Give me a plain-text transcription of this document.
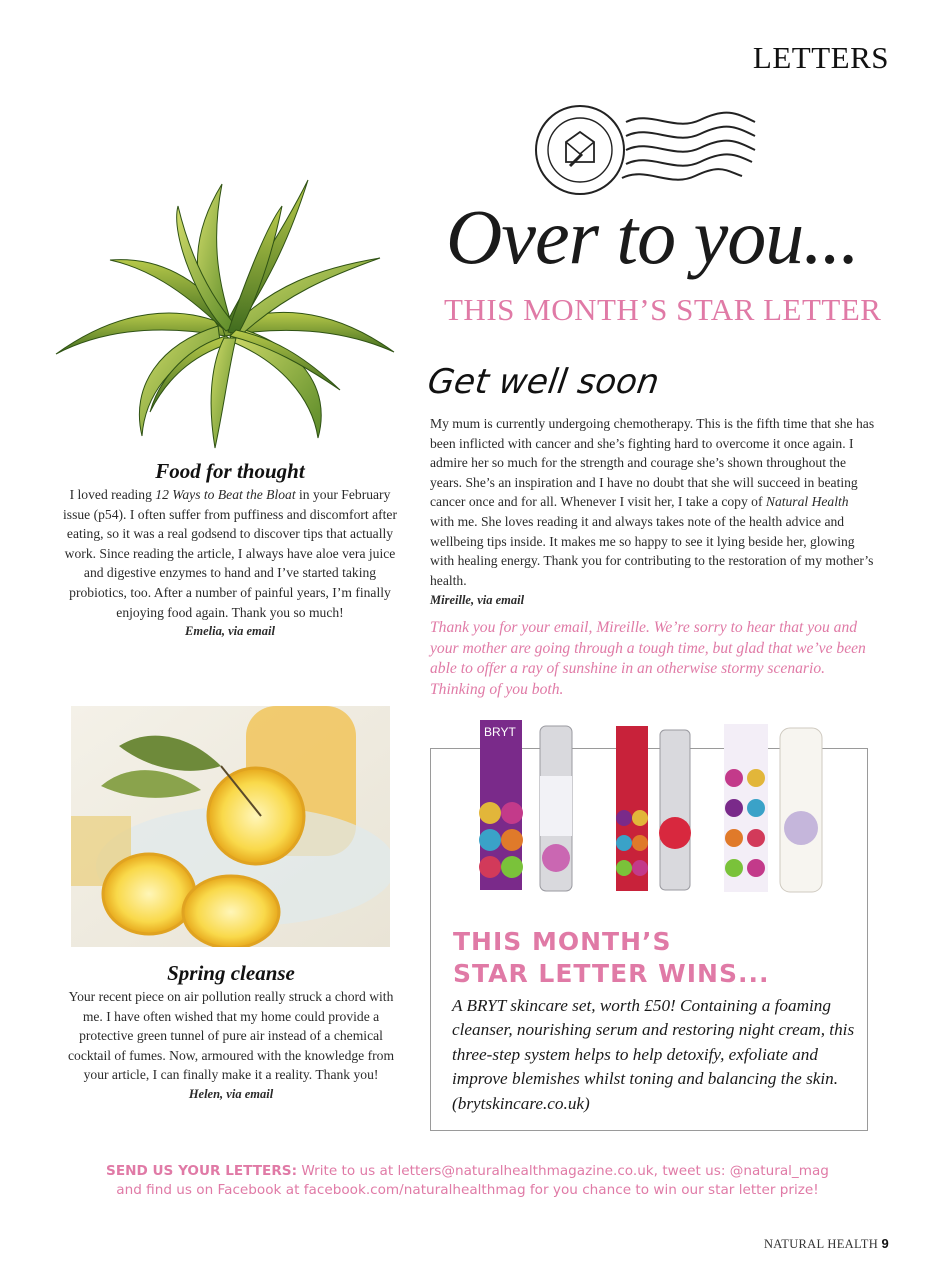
LETTERS
Over to you...
THIS MONTH’S STAR LETTER
Food for thought

I loved reading 12 Ways to Beat the Bloat in your February issue (p54). I often suffer from puffiness and discomfort after eating, so it was a real godsend to discover tips that actually work. Since reading the article, I always have aloe vera juice and digestive enzymes to hand and I’ve started taking probiotics, too. After a number of painful years, I’m finally enjoying food again. Thank you so much!

Emelia, via email

Spring cleanse

Your recent piece on air pollution really struck a chord with me. I have often wished that my home could provide a protective green tunnel of pure air instead of a chemical cocktail of fumes. Now, armoured with the knowledge from your article, I can finally make it a reality. Thank you!

Helen, via email

Get well soon

My mum is currently undergoing chemotherapy. This is the fifth time that she has been inflicted with cancer and she’s fighting hard to overcome it once again. I admire her so much for the strength and courage she’s shown throughout the years. She’s an inspiration and I have no doubt that she will succeed in beating cancer once and for all. Whenever I visit her, I take a copy of Natural Health with me. She loves reading it and always takes note of the health advice and wellbeing tips inside. It makes me so happy to see it lying beside her, glowing with healing energy. Thank you for contributing to the restoration of my mother’s health.

Mireille, via email

Thank you for your email, Mireille. We’re sorry to hear that you and your mother are going through a tough time, but glad that we’ve been able to offer a ray of sunshine in an otherwise stormy scenario. Thinking of you both.
BRYT
THIS MONTH’S
STAR LETTER WINS...
A BRYT skincare set, worth £50! Containing a foaming cleanser, nourishing serum and restoring night cream, this three-step system helps to help detoxify, exfoliate and improve blemishes whilst toning and balancing the skin. (brytskincare.co.uk)
SEND US YOUR LETTERS: Write to us at letters@naturalhealthmagazine.co.uk, tweet us: @natural_mag
and find us on Facebook at facebook.com/naturalhealthmag for you chance to win our star letter prize!
NATURAL HEALTH 9
